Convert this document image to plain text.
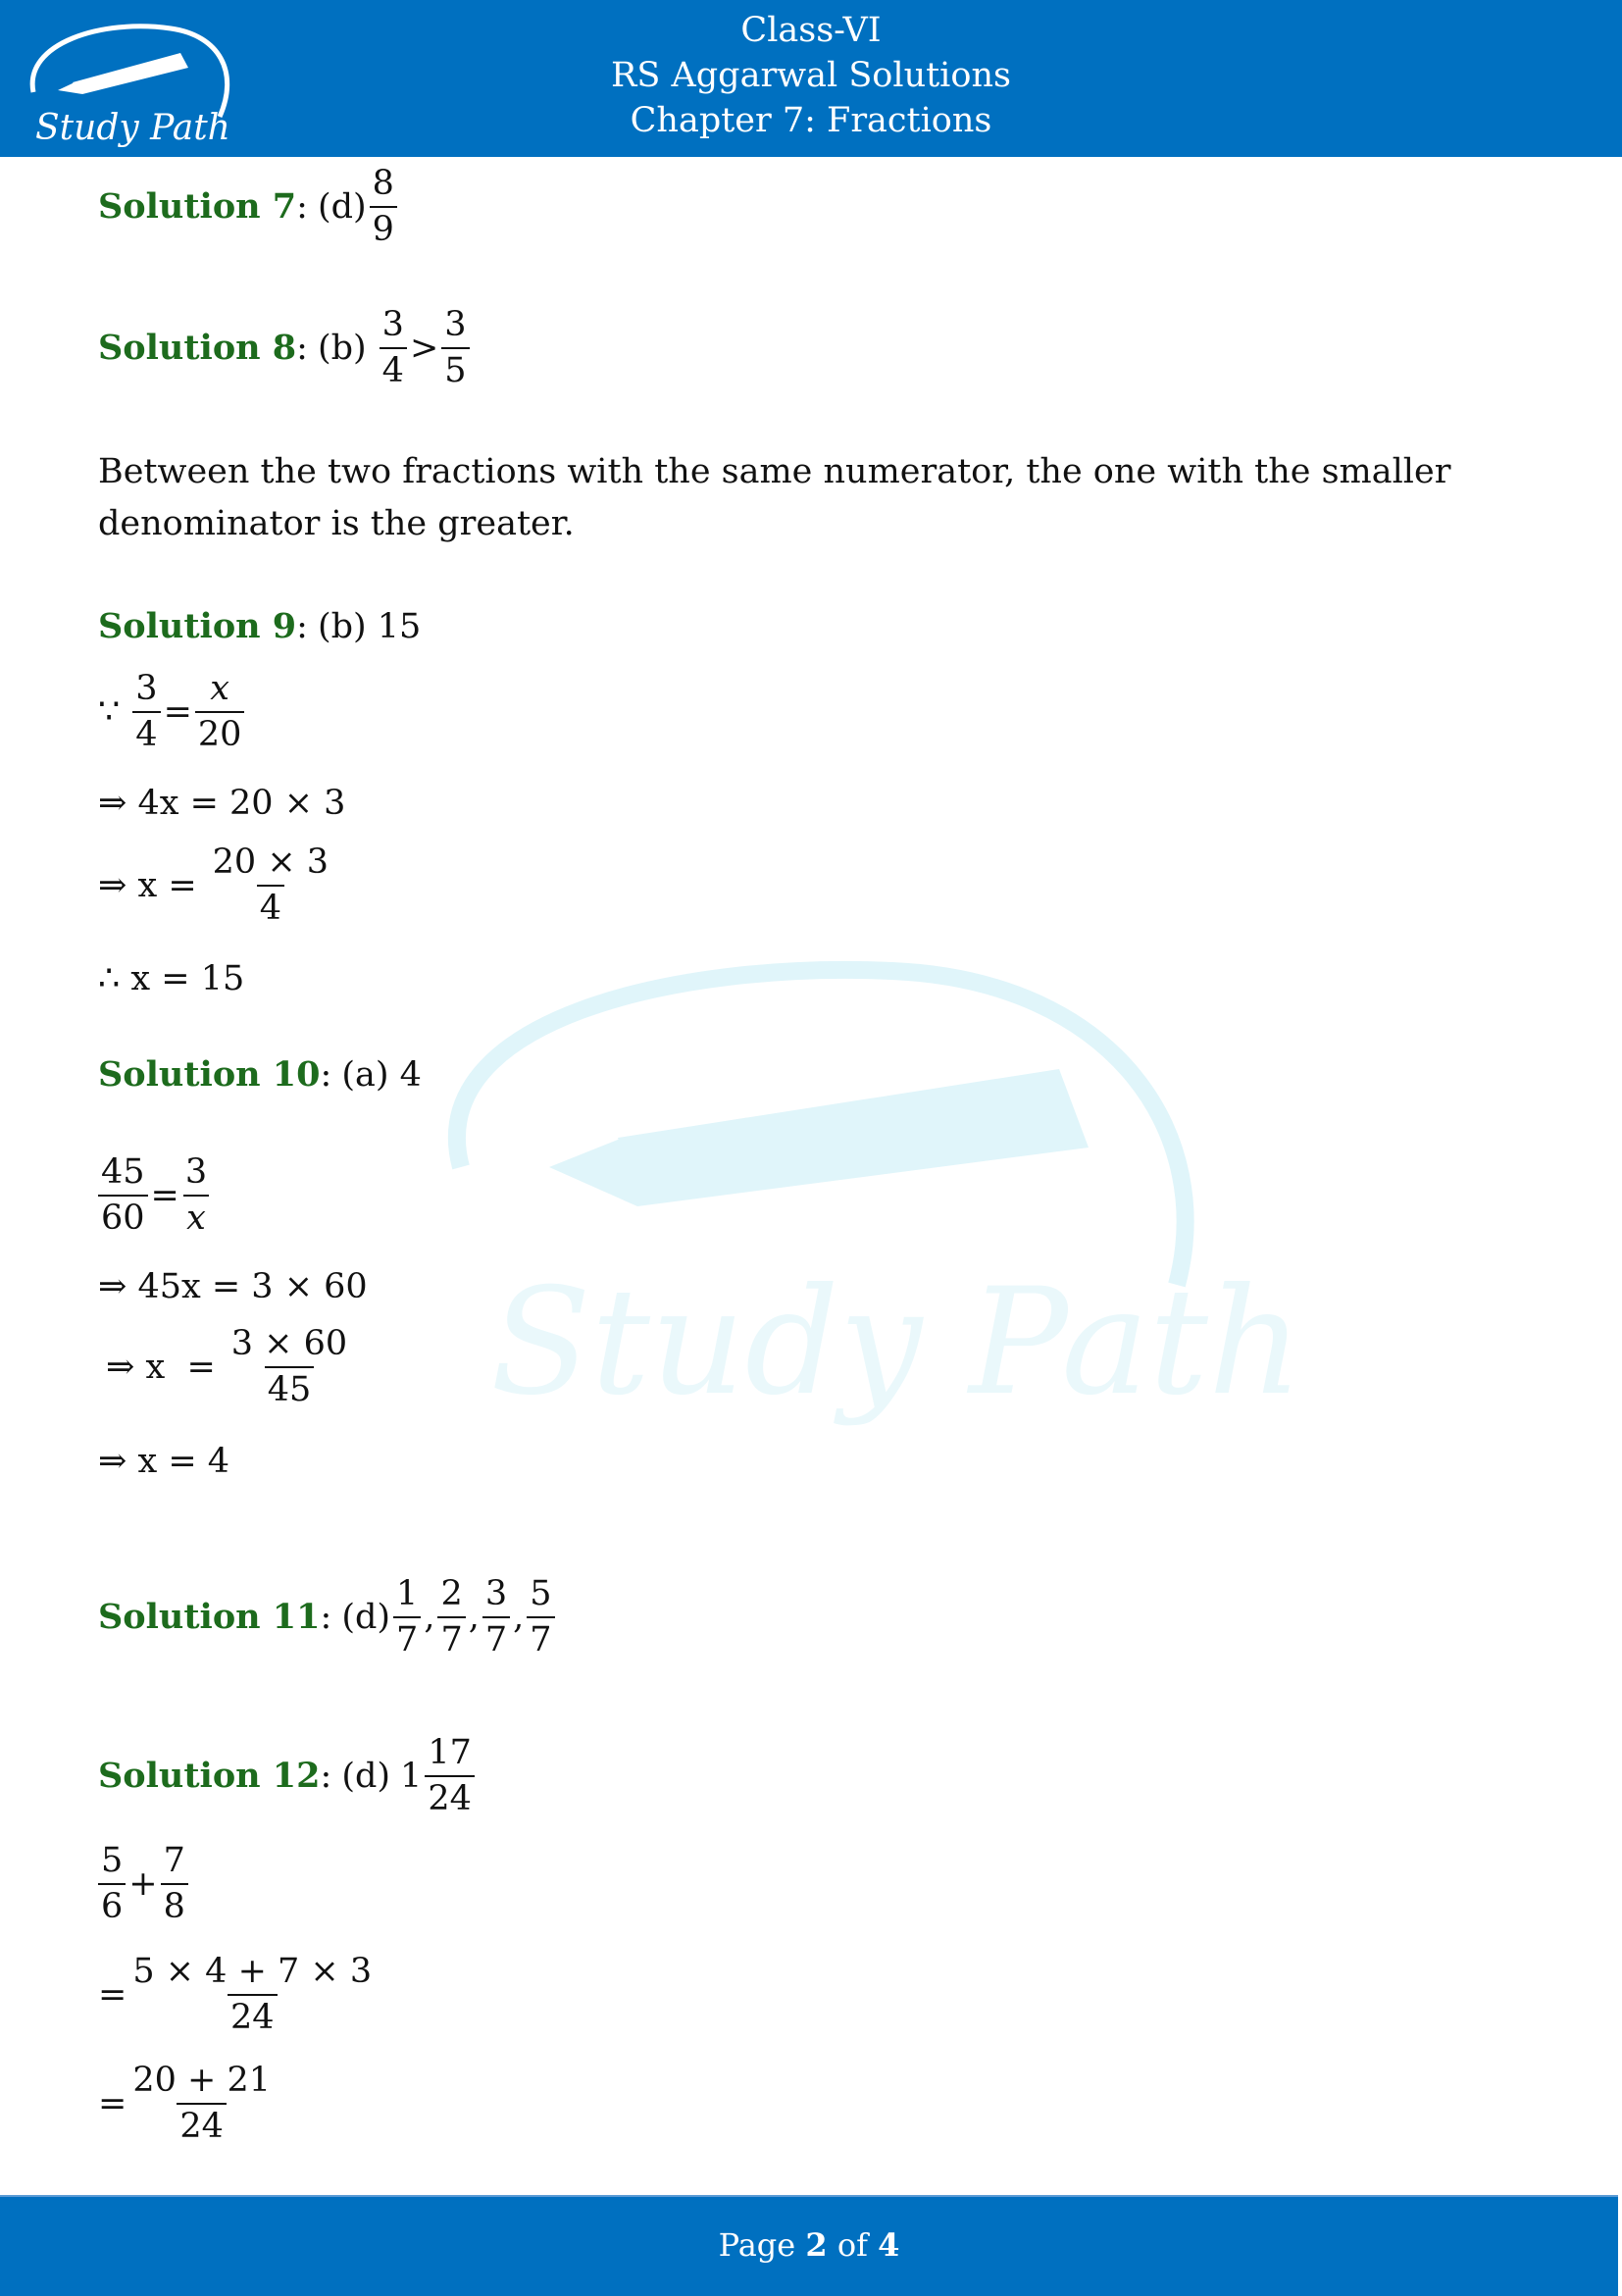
Study Path
Class-VI
RS Aggarwal Solutions
Chapter 7: Fractions
Study Path
Solution 7 : $(d) \frac{8}{9}$
Solution 8 : $(b) \frac{3}{4} > \frac{3}{5}$
Between the two fractions with the same numerator, the one with the smaller denominator is the greater.
Solution 9 : (b) 15
∵ $\frac{3}{4} = \frac{x}{20}$
⇒ 4x = 20 × 3
⇒ $x = \frac{20 \times 3}{4}$
∴ x = 15
Solution 10 : (a) 4
$\frac{45}{60} = \frac{3}{x}$
⇒ 45x = 3 × 60
⇒ $x = \frac{3 \times 60}{45}$
⇒ x = 4
Solution 11 : $(d) \frac{1}{7}$ , $\frac{2}{7}$ , $\frac{3}{7}$ , $\frac{5}{7}$
Solution 12 : (d) $1 \frac{17}{24}$
$\frac{5}{6} + \frac{7}{8}$
= $\frac{5 \times 4 + 7 \times 3}{24}$
= $\frac{20 + 21}{24}$
Page 2 of 4
